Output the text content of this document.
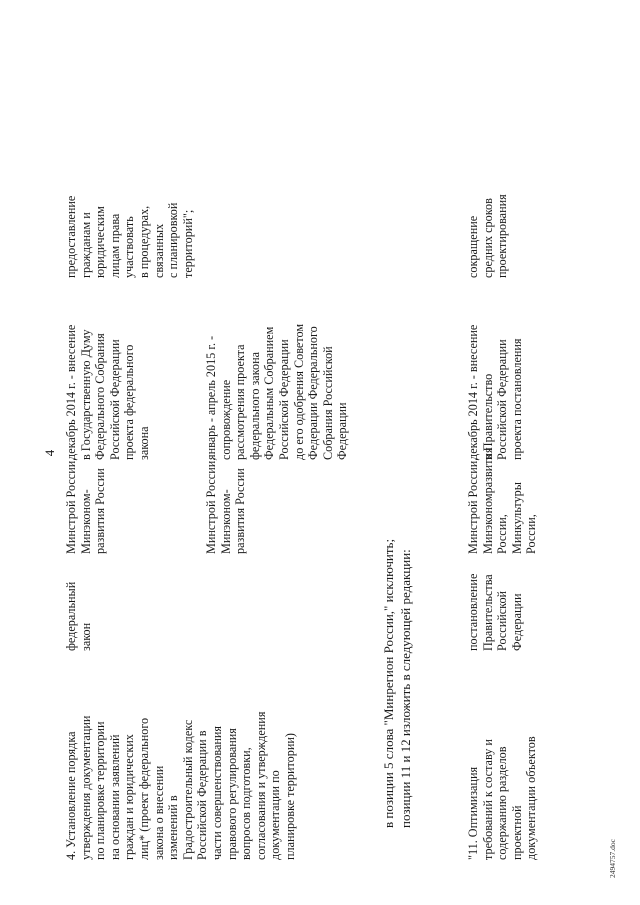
4
4. Установление порядка утверждения документации по планировке территории на основании заявлений граждан и юридических лиц* (проект федерального закона о внесении изменений в Градостроительный кодекс Российской Федерации в части совершенствования правового регулирования вопросов подготовки, согласования и утверждения документации по планировке территории)
федеральный закон
Минстрой России, Минэконом- развития России
декабрь 2014 г. - внесение в Государственную Думу Федерального Собрания Российской Федерации проекта федерального закона
предоставление гражданам и юридическим лицам права участвовать в процедурах, связанных с планировкой территорий";
Минстрой России, Минэконом- развития России
январь - апрель 2015 г. - сопровождение рассмотрения проекта федерального закона Федеральным Собранием Российской Федерации до его одобрения Советом Федерации Федерального Собрания Российской Федерации
в позиции 5 слова "Минрегион России," исключить; позиции 11 и 12 изложить в следующей редакции:	"11. Оптимизация требований к составу и содержанию разделов проектной документации объектов
постановление Правительства Российской Федерации
Минстрой России, Минэкономразвития России, Минкультуры России,
декабрь 2014 г. - внесение в Правительство Российской Федерации проекта постановления
сокращение средних сроков проектирования
2494757.doc
